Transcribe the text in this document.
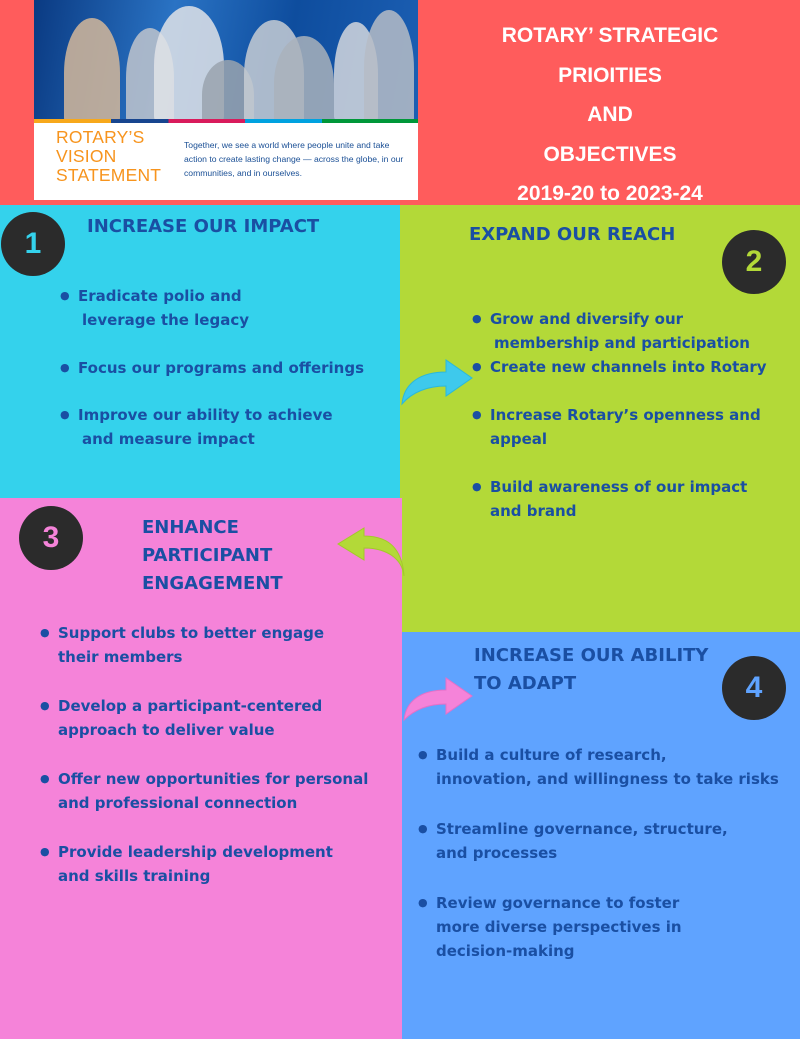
ROTARY’S
VISION
STATEMENT
Together, we see a world where people unite and take action to create lasting change — across the globe, in our communities, and in ourselves.
ROTARY’ STRATEGIC
PRIOITIES
AND
OBJECTIVES
2019-20 to 2023-24
1
INCREASE OUR IMPACT
● Eradicate polio and
leverage the legacy
● Focus our programs and offerings
● Improve our ability to achieve
and measure impact
2
EXPAND OUR REACH
● Grow and diversify our
membership and participation
● Create new channels into Rotary
● Increase Rotary’s openness and
appeal
● Build awareness of our impact
and brand
3	ENHANCE
PARTICIPANT
ENGAGEMENT
● Support clubs to better engage
their members
● Develop a participant-centered
approach to deliver value
● Offer new opportunities for personal
and professional connection
● Provide leadership development
and skills training
4
INCREASE OUR ABILITY
TO ADAPT
● Build a culture of research,
innovation, and willingness to take risks
● Streamline governance, structure,
and processes
● Review governance to foster
more diverse perspectives in
decision-making
